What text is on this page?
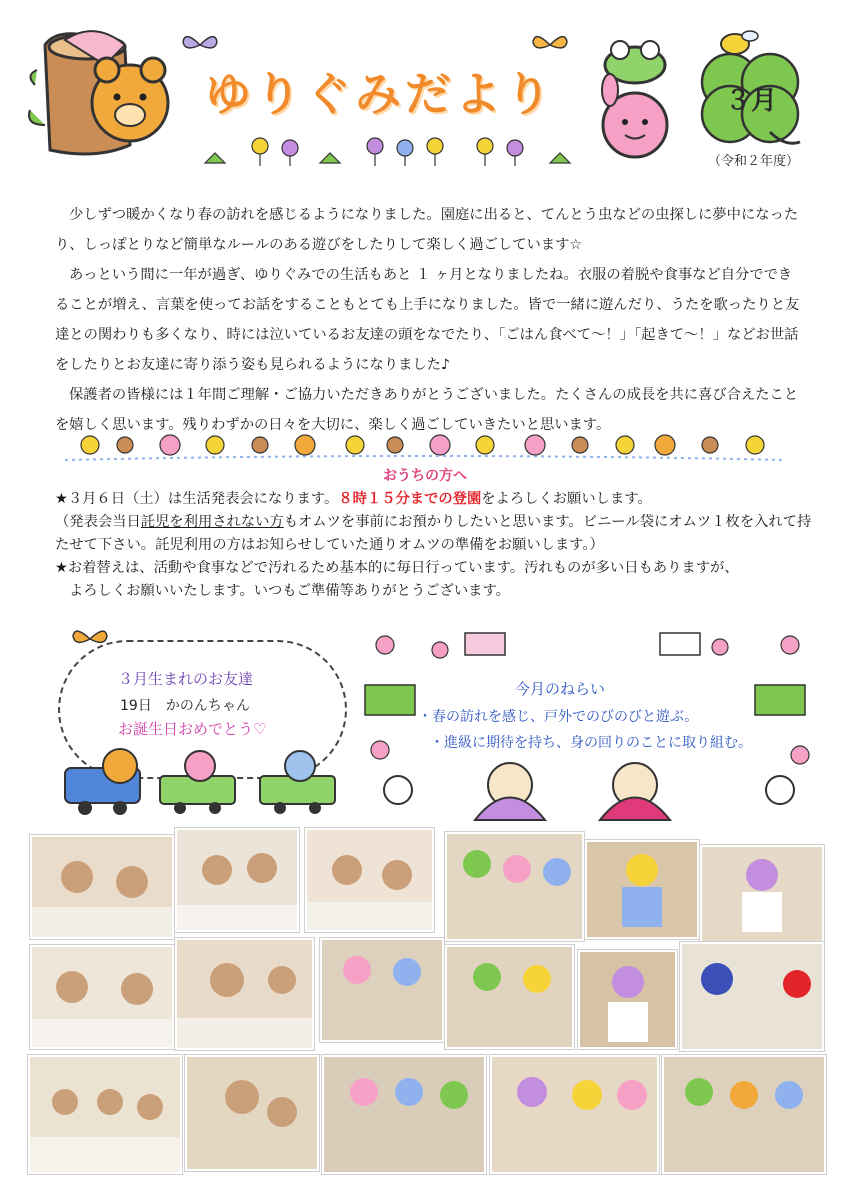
ゆりぐみだより	３月
（令和２年度）

少しずつ暖かくなり春の訪れを感じるようになりました。園庭に出ると、てんとう虫などの虫探しに夢中になったり、しっぽとりなど簡単なルールのある遊びをしたりして楽しく過ごしています☆

あっという間に一年が過ぎ、ゆりぐみでの生活もあと １ ヶ月となりましたね。衣服の着脱や食事など自分でできることが増え、言葉を使ってお話をすることもとても上手になりました。皆で一緒に遊んだり、うたを歌ったりと友達との関わりも多くなり、時には泣いているお友達の頭をなでたり、「ごはん食べて～！」「起きて～！」などお世話をしたりとお友達に寄り添う姿も見られるようになりました♪

保護者の皆様には１年間ご理解・ご協力いただきありがとうございました。たくさんの成長を共に喜び合えたことを嬉しく思います。残りわずかの日々を大切に、楽しく過ごしていきたいと思います。

おうちの方へ
★３月６日（土）は生活発表会になります。８時１５分までの登園をよろしくお願いします。
（発表会当日託児を利用されない方もオムツを事前にお預かりしたいと思います。ビニール袋にオムツ１枚を入れて持たせて下さい。託児利用の方はお知らせしていた通りオムツの準備をお願いします。）
★お着替えは、活動や食事などで汚れるため基本的に毎日行っています。汚れものが多い日もありますが、
よろしくお願いいたします。いつもご準備等ありがとうございます。
３月生まれのお友達
19日　かのんちゃん
お誕生日おめでとう♡
今月のねらい
・春の訪れを感じ、戸外でのびのびと遊ぶ。
・進級に期待を持ち、身の回りのことに取り組む。
